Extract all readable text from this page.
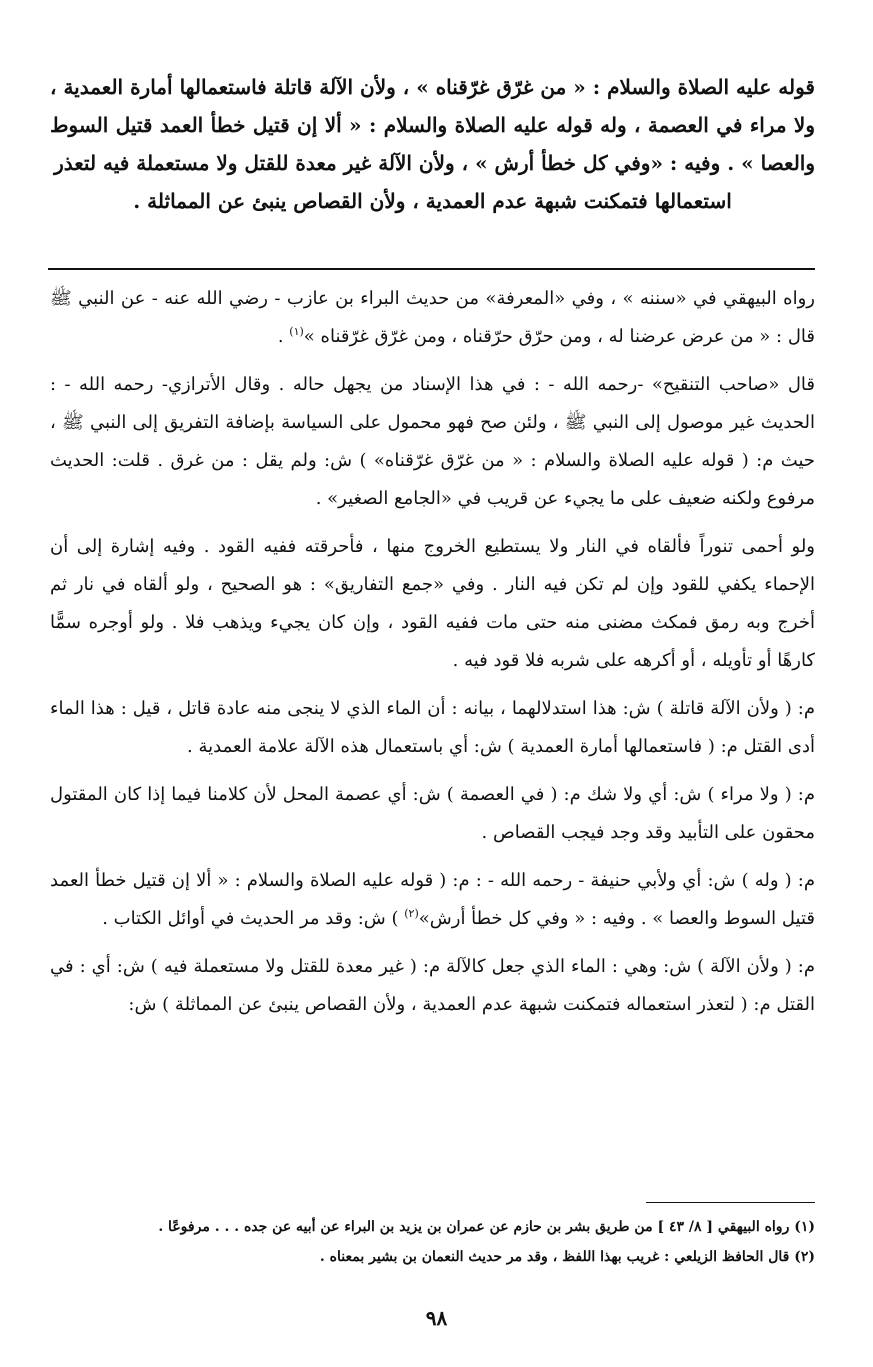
قوله عليه الصلاة والسلام : « من غرّق غرّقناه » ، ولأن الآلة قاتلة فاستعمالها أمارة العمدية ، ولا مراء في العصمة ، وله قوله عليه الصلاة والسلام : « ألا إن قتيل خطأ العمد قتيل السوط والعصا » . وفيه : «وفي كل خطأ أرش » ، ولأن الآلة غير معدة للقتل ولا مستعملة فيه لتعذر

استعمالها فتمكنت شبهة عدم العمدية ، ولأن القصاص ينبئ عن المماثلة .

رواه البيهقي في «سننه » ، وفي «المعرفة» من حديث البراء بن عازب - رضي الله عنه - عن النبي ﷺ قال : « من عرض عرضنا له ، ومن حرّق حرّقناه ، ومن غرّق غرّقناه »$^{(١)}$ .

قال «صاحب التنقيح» -رحمه الله - : في هذا الإسناد من يجهل حاله . وقال الأترازي- رحمه الله - : الحديث غير موصول إلى النبي ﷺ ، ولئن صح فهو محمول على السياسة بإضافة التفريق إلى النبي ﷺ ، حيث م: ( قوله عليه الصلاة والسلام : « من غرّق غرّقناه» ) ش: ولم يقل : من غرق . قلت: الحديث مرفوع ولكنه ضعيف على ما يجيء عن قريب في «الجامع الصغير» .

ولو أحمى تنوراً فألقاه في النار ولا يستطيع الخروج منها ، فأحرقته ففيه القود . وفيه إشارة إلى أن الإحماء يكفي للقود وإن لم تكن فيه النار . وفي «جمع التفاريق» : هو الصحيح ، ولو ألقاه في نار ثم أخرج وبه رمق فمكث مضنى منه حتى مات ففيه القود ، وإن كان يجيء ويذهب فلا . ولو أوجره سمًّا كارهًا أو تأويله ، أو أكرهه على شربه فلا قود فيه .

م: ( ولأن الآلة قاتلة ) ش: هذا استدلالهما ، بيانه : أن الماء الذي لا ينجى منه عادة قاتل ، قيل : هذا الماء أدى القتل م: ( فاستعمالها أمارة العمدية ) ش: أي باستعمال هذه الآلة علامة العمدية .

م: ( ولا مراء ) ش: أي ولا شك م: ( في العصمة ) ش: أي عصمة المحل لأن كلامنا فيما إذا كان المقتول محقون على التأبيد وقد وجد فيجب القصاص .

م: ( وله ) ش: أي ولأبي حنيفة - رحمه الله - : م: ( قوله عليه الصلاة والسلام : « ألا إن قتيل خطأ العمد قتيل السوط والعصا » . وفيه : « وفي كل خطأ أرش»$^{(٢)}$ ) ش: وقد مر الحديث في أوائل الكتاب .

م: ( ولأن الآلة ) ش: وهي : الماء الذي جعل كالآلة م: ( غير معدة للقتل ولا مستعملة فيه ) ش: أي : في القتل م: ( لتعذر استعماله فتمكنت شبهة عدم العمدية ، ولأن القصاص ينبئ عن المماثلة ) ش:

(١) رواه البيهقي [ ٨/ ٤٣ ] من طريق بشر بن حازم عن عمران بن يزيد بن البراء عن أبيه عن جده . . . مرفوعًا .

(٢) قال الحافظ الزيلعي : غريب بهذا اللفظ ، وقد مر حديث النعمان بن بشير بمعناه .

٩٨
